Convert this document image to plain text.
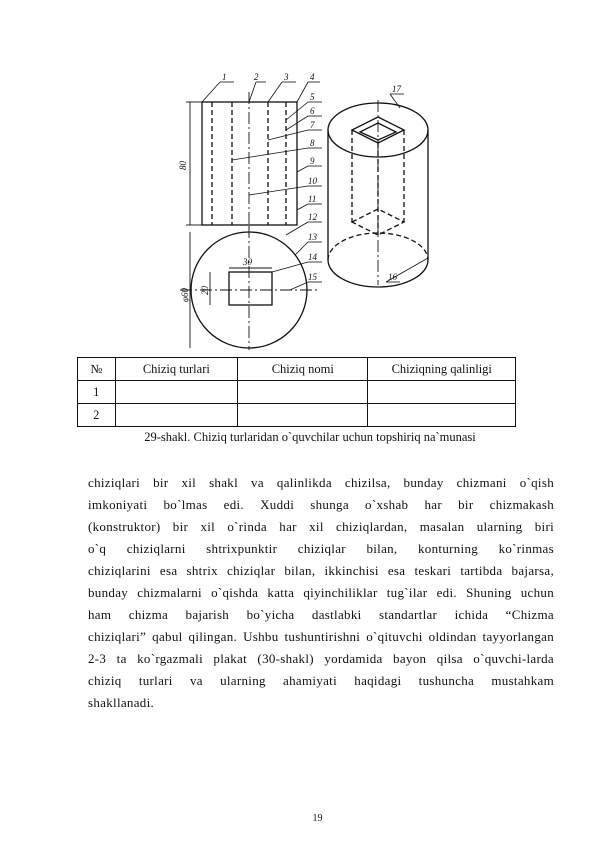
1	2	3 4
5
6
7
8
9
10
11
12
13
14
15	16
17
80
30
20
φ60
№	Chiziq turlari	Chiziq nomi	Chiziqning qalinligi
1			
2			
29-shakl. Chiziq turlaridan o`quvchilar uchun topshiriq na`munasi
chiziqlari bir xil shakl va qalinlikda chizilsa, bunday chizmani o`qish
imkoniyati bo`lmas edi. Xuddi shunga o`xshab har bir chizmakash
(konstruktor) bir xil o`rinda har xil chiziqlardan, masalan ularning biri
o`q chiziqlarni shtrixpunktir chiziqlar bilan, konturning ko`rinmas
chiziqlarini esa shtrix chiziqlar bilan, ikkinchisi esa teskari tartibda bajarsa,
bunday chizmalarni o`qishda katta qiyinchiliklar tug`ilar edi. Shuning uchun
ham chizma bajarish bo`yicha dastlabki standartlar ichida “Chizma
chiziqlari” qabul qilingan. Ushbu tushuntirishni o`qituvchi oldindan tayyorlangan
2-3 ta ko`rgazmali plakat (30-shakl) yordamida bayon qilsa o`quvchi-larda
chiziq turlari va ularning ahamiyati haqidagi tushuncha mustahkam
shakllanadi.
19
